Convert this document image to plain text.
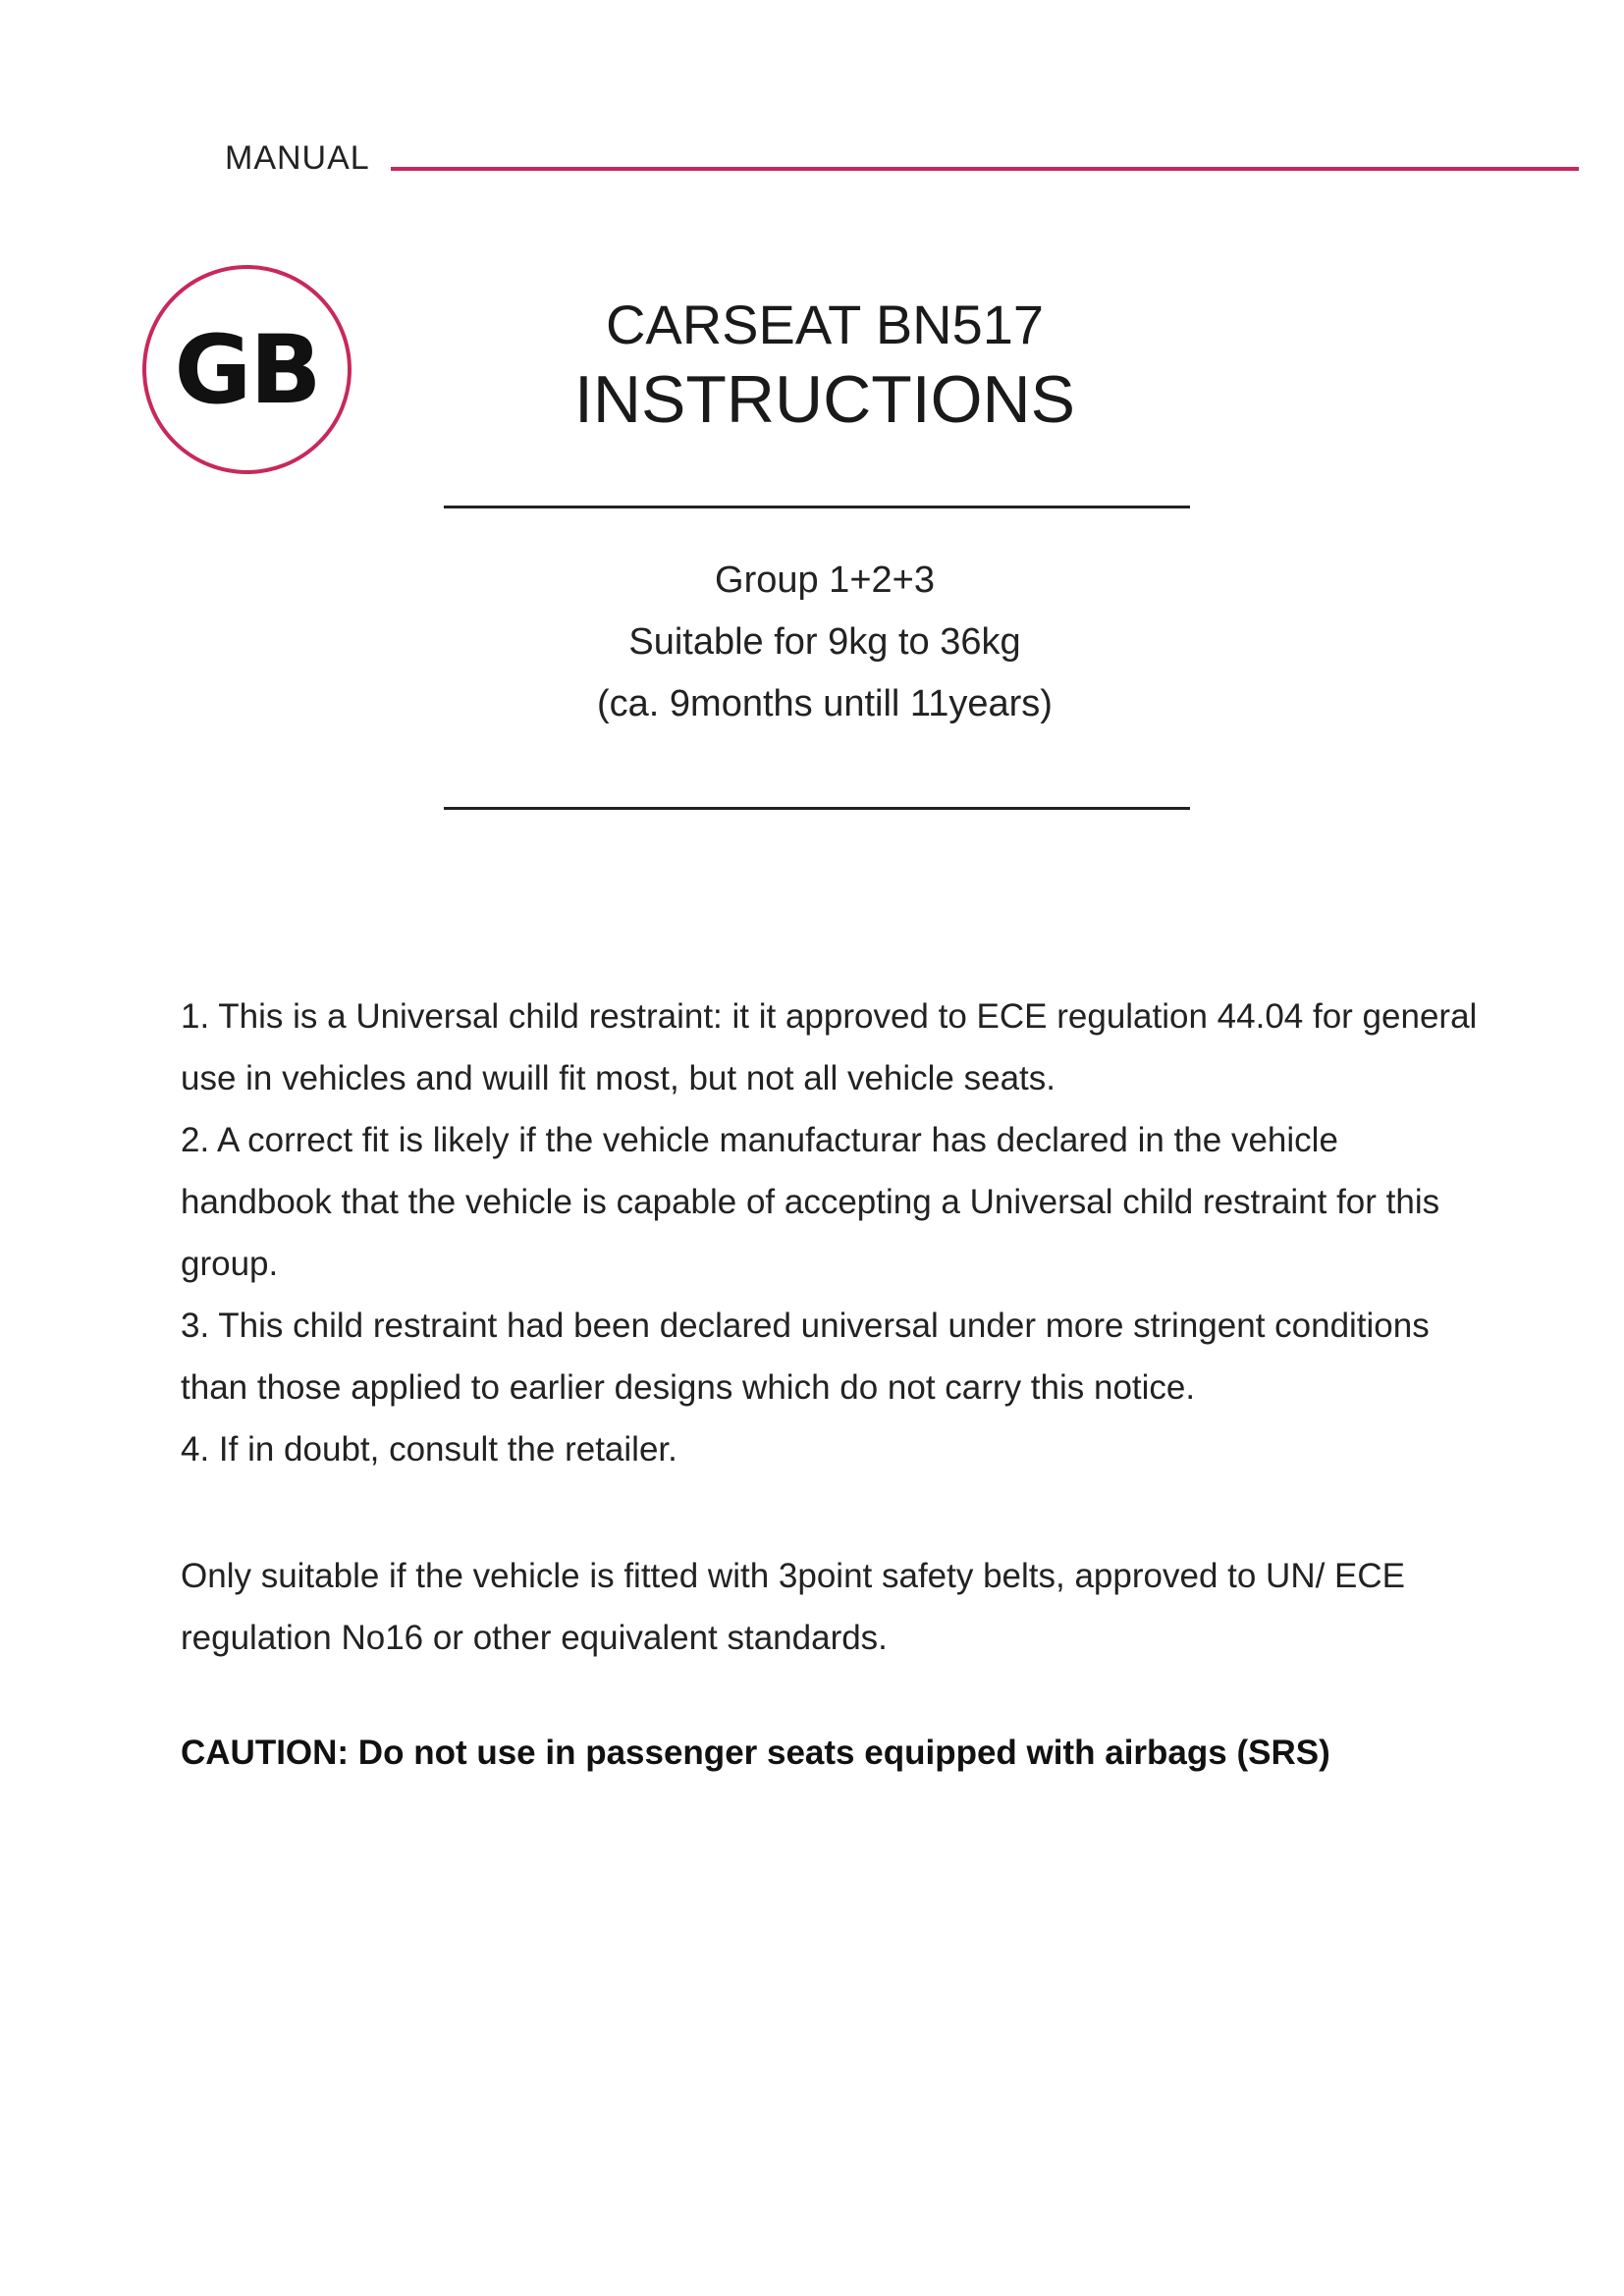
MANUAL
GB	CARSEAT BN517
INSTRUCTIONS
Group 1+2+3
Suitable for 9kg to 36kg
(ca. 9months untill 11years)

1. This is a Universal child restraint: it it approved to ECE regulation 44.04 for general use in vehicles and wuill fit most, but not all vehicle seats.

2. A correct fit is likely if the vehicle manufacturar has declared in the vehicle handbook that the vehicle is capable of accepting a Universal child restraint for this group.

3. This child restraint had been declared universal under more stringent conditions than those applied to earlier designs which do not carry this notice.

4. If in doubt, consult the retailer.

Only suitable if the vehicle is fitted with 3point safety belts, approved to UN/ ECE regulation No16 or other equivalent standards.

CAUTION: Do not use in passenger seats equipped with airbags (SRS)
